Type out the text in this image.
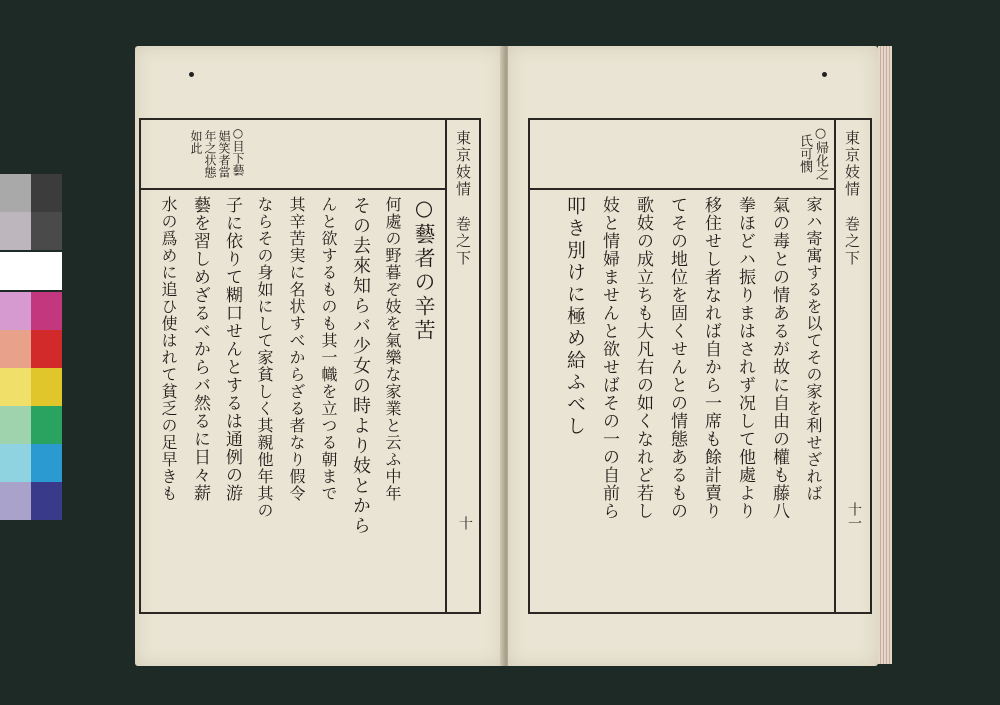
東京妓情
巻之下
十
○目下藝
娼笑者當
年之状態
如此
○藝者の辛苦
何處の野暮ぞ妓を氣樂な家業と云ふ中年
その去來知らバ少女の時より妓とから
んと欲するものも其一幟を立つる朝まで
其辛苦実に名状すべからざる者なり假令
ならその身如にして家貧しく其親他年其の
子に依りて糊口せんとするは通例の游
藝を習しめざるべからバ然るに日々薪
水の爲めに追ひ使はれて貧乏の足早きも
東京妓情
巻之下
十一
○帰化之
氏可憫
家ハ寄寓するを以てその家を利せざれば
氣の毒との情あるが故に自由の權も藤八
拳ほどハ振りまはされず况して他處より
移住せし者なれば自から一席も餘計賣り
てその地位を固くせんとの情態あるもの
歌妓の成立ちも大凡右の如くなれど若し
妓と情婦ませんと欲せばその一の自前ら
叩き別けに極め給ふべし
